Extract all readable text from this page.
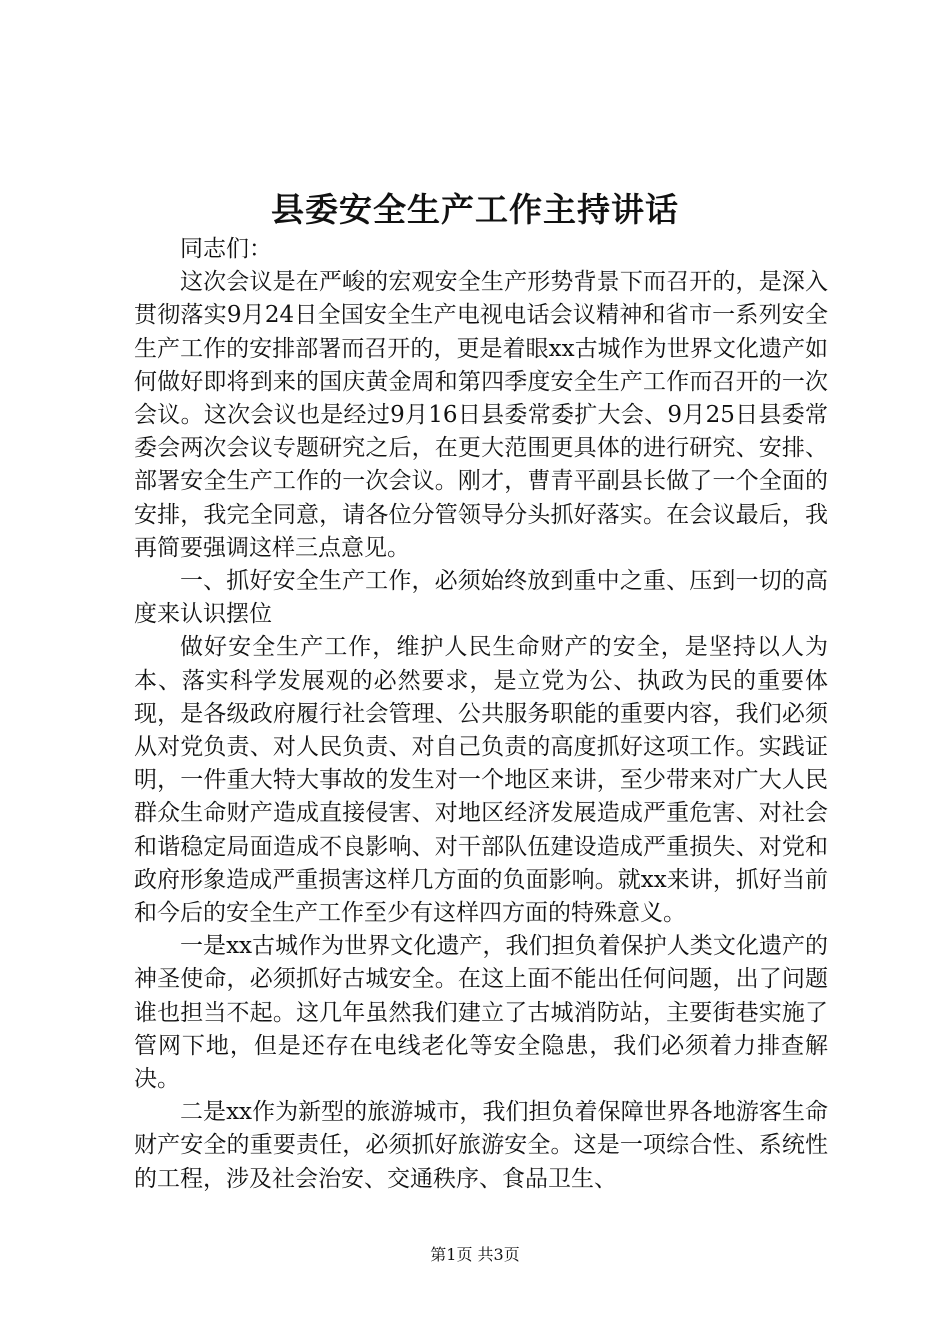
县委安全生产工作主持讲话

同志们：

这次会议是在严峻的宏观安全生产形势背景下而召开的，是深入贯彻落实9月24日全国安全生产电视电话会议精神和省市一系列安全生产工作的安排部署而召开的，更是着眼xx古城作为世界文化遗产如何做好即将到来的国庆黄金周和第四季度安全生产工作而召开的一次会议。这次会议也是经过9月16日县委常委扩大会、9月25日县委常委会两次会议专题研究之后，在更大范围更具体的进行研究、安排、部署安全生产工作的一次会议。刚才，曹青平副县长做了一个全面的安排，我完全同意，请各位分管领导分头抓好落实。在会议最后，我再简要强调这样三点意见。

一、抓好安全生产工作，必须始终放到重中之重、压到一切的高度来认识摆位

做好安全生产工作，维护人民生命财产的安全，是坚持以人为本、落实科学发展观的必然要求，是立党为公、执政为民的重要体现，是各级政府履行社会管理、公共服务职能的重要内容，我们必须从对党负责、对人民负责、对自己负责的高度抓好这项工作。实践证明，一件重大特大事故的发生对一个地区来讲，至少带来对广大人民群众生命财产造成直接侵害、对地区经济发展造成严重危害、对社会和谐稳定局面造成不良影响、对干部队伍建设造成严重损失、对党和政府形象造成严重损害这样几方面的负面影响。就xx来讲，抓好当前和今后的安全生产工作至少有这样四方面的特殊意义。

一是xx古城作为世界文化遗产，我们担负着保护人类文化遗产的神圣使命，必须抓好古城安全。在这上面不能出任何问题，出了问题谁也担当不起。这几年虽然我们建立了古城消防站，主要街巷实施了管网下地，但是还存在电线老化等安全隐患，我们必须着力排查解决。

二是xx作为新型的旅游城市，我们担负着保障世界各地游客生命财产安全的重要责任，必须抓好旅游安全。这是一项综合性、系统性的工程，涉及社会治安、交通秩序、食品卫生、

第1页 共3页
